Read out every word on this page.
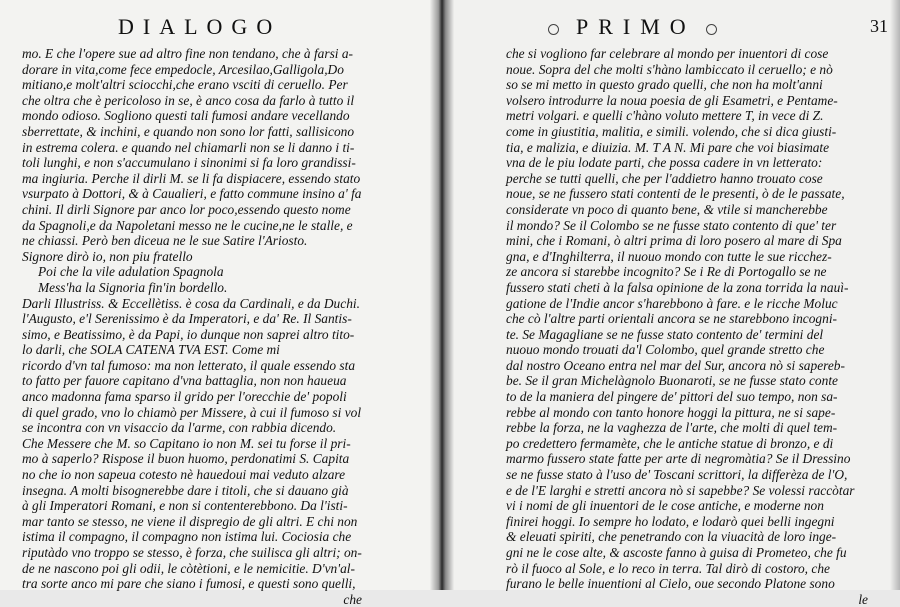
DIALOGO
mo. E che l'opere sue ad altro fine non tendano, che à farsi a-
dorare in vita,come fece empedocle, Arcesilao,Galligola,Do
mitiano,e molt'altri sciocchi,che erano vsciti di ceruello. Per
che oltra che è pericoloso in se, è anco cosa da farlo à tutto il
mondo odioso. Sogliono questi tali fumosi andare vecellando
sberrettate, & inchini, e quando non sono lor fatti, sallisicono
in estrema colera. e quando nel chiamarli non se li danno i ti-
toli lunghi, e non s'accumulano i sinonimi si fa loro grandissi-
ma ingiuria. Perche il dirli M. se li fa dispiacere, essendo stato
vsurpato à Dottori, & à Caualieri, e fatto commune insino a' fa
chini. Il dirli Signore par anco lor poco,essendo questo nome
da Spagnoli,e da Napoletani messo ne le cucine,ne le stalle, e
ne chiassi. Però ben diceua ne le sue Satire l'Ariosto.
Signore dirò io, non piu fratello
Poi che la vile adulation Spagnola
Mess'ha la Signoria fin'in bordello.
Darli Illustriss. & Eccellètiss. è cosa da Cardinali, e da Duchi.
l'Augusto, e'l Serenissimo è da Imperatori, e da' Re. Il Santis-
simo, e Beatissimo, è da Papi, io dunque non saprei altro tito-
lo darli, che SOLA CATENA TVA EST. Come mi
ricordo d'vn tal fumoso: ma non letterato, il quale essendo sta
to fatto per fauore capitano d'vna battaglia, non non haueua
anco madonna fama sparso il grido per l'orecchie de' popoli
di quel grado, vno lo chiamò per Missere, à cui il fumoso si vol
se incontra con vn visaccio da l'arme, con rabbia dicendo.
Che Messere che M. so Capitano io non M. sei tu forse il pri-
mo à saperlo? Rispose il buon huomo, perdonatimi S. Capita
no che io non sapeua cotesto nè hauedoui mai veduto alzare
insegna. A molti bisognerebbe dare i titoli, che si dauano già
à gli Imperatori Romani, e non si contenterebbono. Da l'isti-
mar tanto se stesso, ne viene il dispregio de gli altri. E chi non
istima il compagno, il compagno non istima lui. Cociosia che
riputàdo vno troppo se stesso, è forza, che suilisca gli altri; on-
de ne nascono poi gli odii, le còtètioni, e le nemicitie. D'vn'al-
tra sorte anco mi pare che siano i fumosi, e questi sono quelli,
che
PRIMO	31
che si vogliono far celebrare al mondo per inuentori di cose
noue. Sopra del che molti s'hàno lambiccato il ceruello; e nò
so se mi metto in questo grado quelli, che non ha molt'anni
volsero introdurre la noua poesia de gli Esametri, e Pentame-
metri volgari. e quelli c'hàno voluto mettere T, in vece di Z.
come in giustitia, malitia, e simili. volendo, che si dica giusti-
tia, e malizia, e diuizia. M. T A N. Mi pare che voi biasimate
vna de le piu lodate parti, che possa cadere in vn letterato:
perche se tutti quelli, che per l'addietro hanno trouato cose
noue, se ne fussero stati contenti de le presenti, ò de le passate,
considerate vn poco di quanto bene, & vtile si mancherebbe
il mondo? Se il Colombo se ne fusse stato contento di que' ter
mini, che i Romani, ò altri prima di loro posero al mare di Spa
gna, e d'Inghilterra, il nuouo mondo con tutte le sue ricchez-
ze ancora si starebbe incognito? Se i Re di Portogallo se ne
fussero stati cheti à la falsa opinione de la zona torrida la nauì-
gatione de l'Indie ancor s'harebbono à fare. e le ricche Moluc
che cò l'altre parti orientali ancora se ne starebbono incogni-
te. Se Magagliane se ne fusse stato contento de' termini del
nuouo mondo trouati da'l Colombo, quel grande stretto che
dal nostro Oceano entra nel mar del Sur, ancora nò si sapereb-
be. Se il gran Michelàgnolo Buonaroti, se ne fusse stato conte
to de la maniera del pingere de' pittori del suo tempo, non sa-
rebbe al mondo con tanto honore hoggi la pittura, ne si sape-
rebbe la forza, ne la vaghezza de l'arte, che molti di quel tem-
po credettero fermamète, che le antiche statue di bronzo, e di
marmo fussero state fatte per arte di negromàtia? Se il Dressino
se ne fusse stato à l'uso de' Toscani scrittori, la differèza de l'O,
e de l'E larghi e stretti ancora nò si sapebbe? Se volessi raccòtar
vi i nomi de gli inuentori de le cose antiche, e moderne non
finirei hoggi. Io sempre ho lodato, e lodarò quei belli ingegni
& eleuati spiriti, che penetrando con la viuacità de loro inge-
gni ne le cose alte, & ascoste fanno à guisa di Prometeo, che fu
rò il fuoco al Sole, e lo reco in terra. Tal dirò di costoro, che
furano le belle inuentioni al Cielo, oue secondo Platone sono
le
